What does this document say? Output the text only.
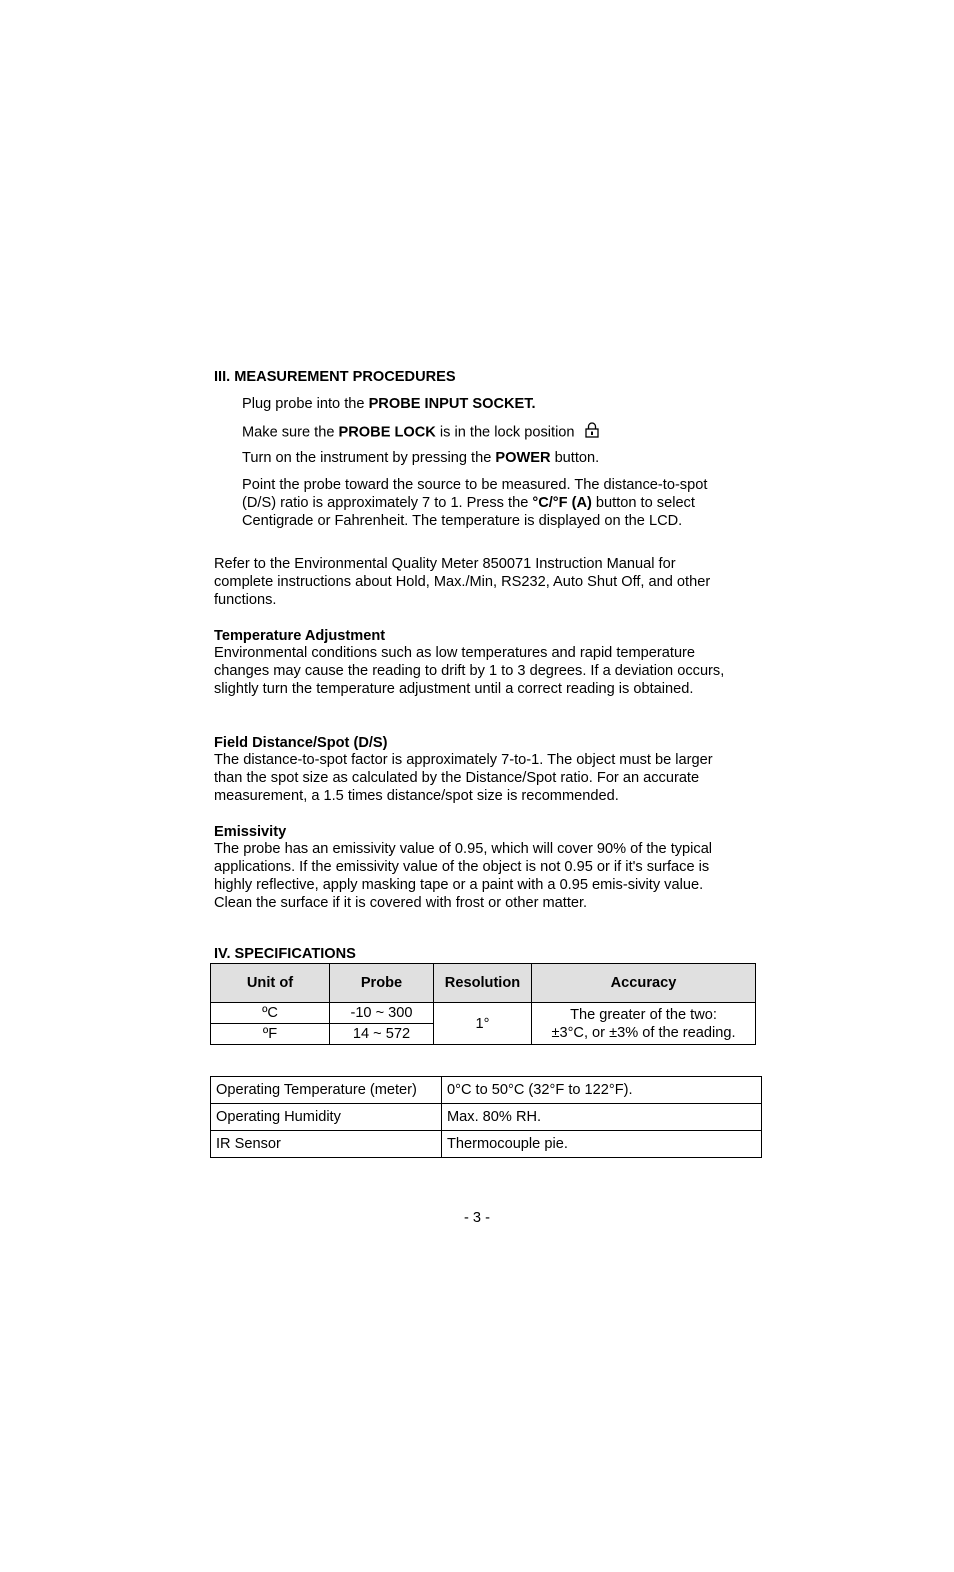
III. MEASUREMENT PROCEDURES
Plug probe into the PROBE INPUT SOCKET.
Make sure the PROBE LOCK is in the lock position
Turn on the instrument by pressing the POWER button.
Point the probe toward the source to be measured. The distance-to-spot (D/S) ratio is approximately 7 to 1. Press the °C/°F (A) button to select Centigrade or Fahrenheit. The temperature is displayed on the LCD.
Refer to the Environmental Quality Meter 850071 Instruction Manual for complete instructions about Hold, Max./Min, RS232, Auto Shut Off, and other functions.
Temperature Adjustment
Environmental conditions such as low temperatures and rapid temperature changes may cause the reading to drift by 1 to 3 degrees. If a deviation occurs, slightly turn the temperature adjustment until a correct reading is obtained.
Field Distance/Spot (D/S)
The distance-to-spot factor is approximately 7-to-1. The object must be larger than the spot size as calculated by the Distance/Spot ratio. For an accurate measurement, a 1.5 times distance/spot size is recommended.
Emissivity
The probe has an emissivity value of 0.95, which will cover 90% of the typical applications. If the emissivity value of the object is not 0.95 or if it's surface is highly reflective, apply masking tape or a paint with a 0.95 emis-sivity value. Clean the surface if it is covered with frost or other matter.
IV. SPECIFICATIONS
Unit of	Probe	Resolution	Accuracy
ºC	-10 ~ 300	1°	The greater of the two:
±3°C, or ±3% of the reading.

ºF	14 ~ 572		
Operating Temperature (meter)	0°C to 50°C (32°F to 122°F).
Operating Humidity	Max. 80% RH.
IR Sensor	Thermocouple pie.
- 3 -
